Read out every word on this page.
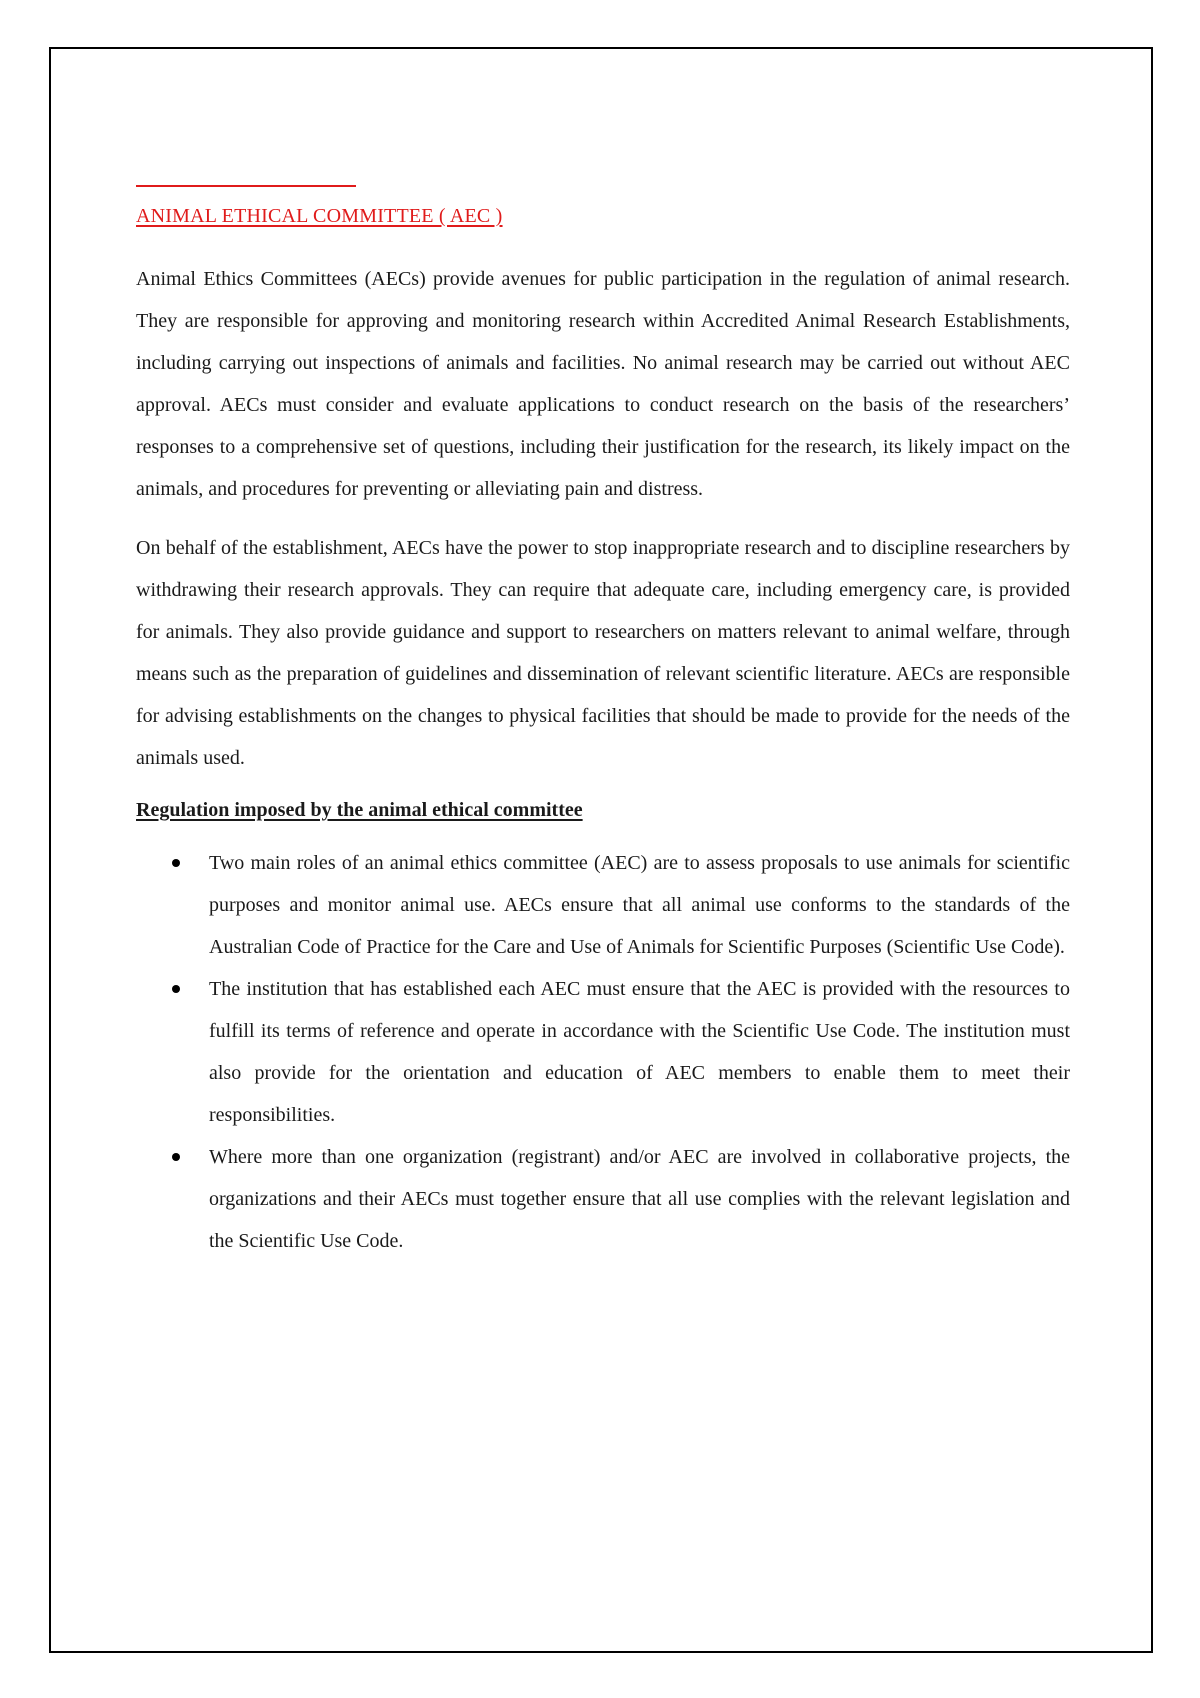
ANIMAL ETHICAL COMMITTEE ( AEC )

Animal Ethics Committees (AECs) provide avenues for public participation in the regulation of animal research. They are responsible for approving and monitoring research within Accredited Animal Research Establishments, including carrying out inspections of animals and facilities. No animal research may be carried out without AEC approval. AECs must consider and evaluate applications to conduct research on the basis of the researchers’ responses to a comprehensive set of questions, including their justification for the research, its likely impact on the animals, and procedures for preventing or alleviating pain and distress.

On behalf of the establishment, AECs have the power to stop inappropriate research and to discipline researchers by withdrawing their research approvals. They can require that adequate care, including emergency care, is provided for animals. They also provide guidance and support to researchers on matters relevant to animal welfare, through means such as the preparation of guidelines and dissemination of relevant scientific literature. AECs are responsible for advising establishments on the changes to physical facilities that should be made to provide for the needs of the animals used.

Regulation imposed by the animal ethical committee
Two main roles of an animal ethics committee (AEC) are to assess proposals to use animals for scientific purposes and monitor animal use. AECs ensure that all animal use conforms to the standards of the Australian Code of Practice for the Care and Use of Animals for Scientific Purposes (Scientific Use Code).
The institution that has established each AEC must ensure that the AEC is provided with the resources to fulfill its terms of reference and operate in accordance with the Scientific Use Code. The institution must also provide for the orientation and education of AEC members to enable them to meet their responsibilities.
Where more than one organization (registrant) and/or AEC are involved in collaborative projects, the organizations and their AECs must together ensure that all use complies with the relevant legislation and the Scientific Use Code.
